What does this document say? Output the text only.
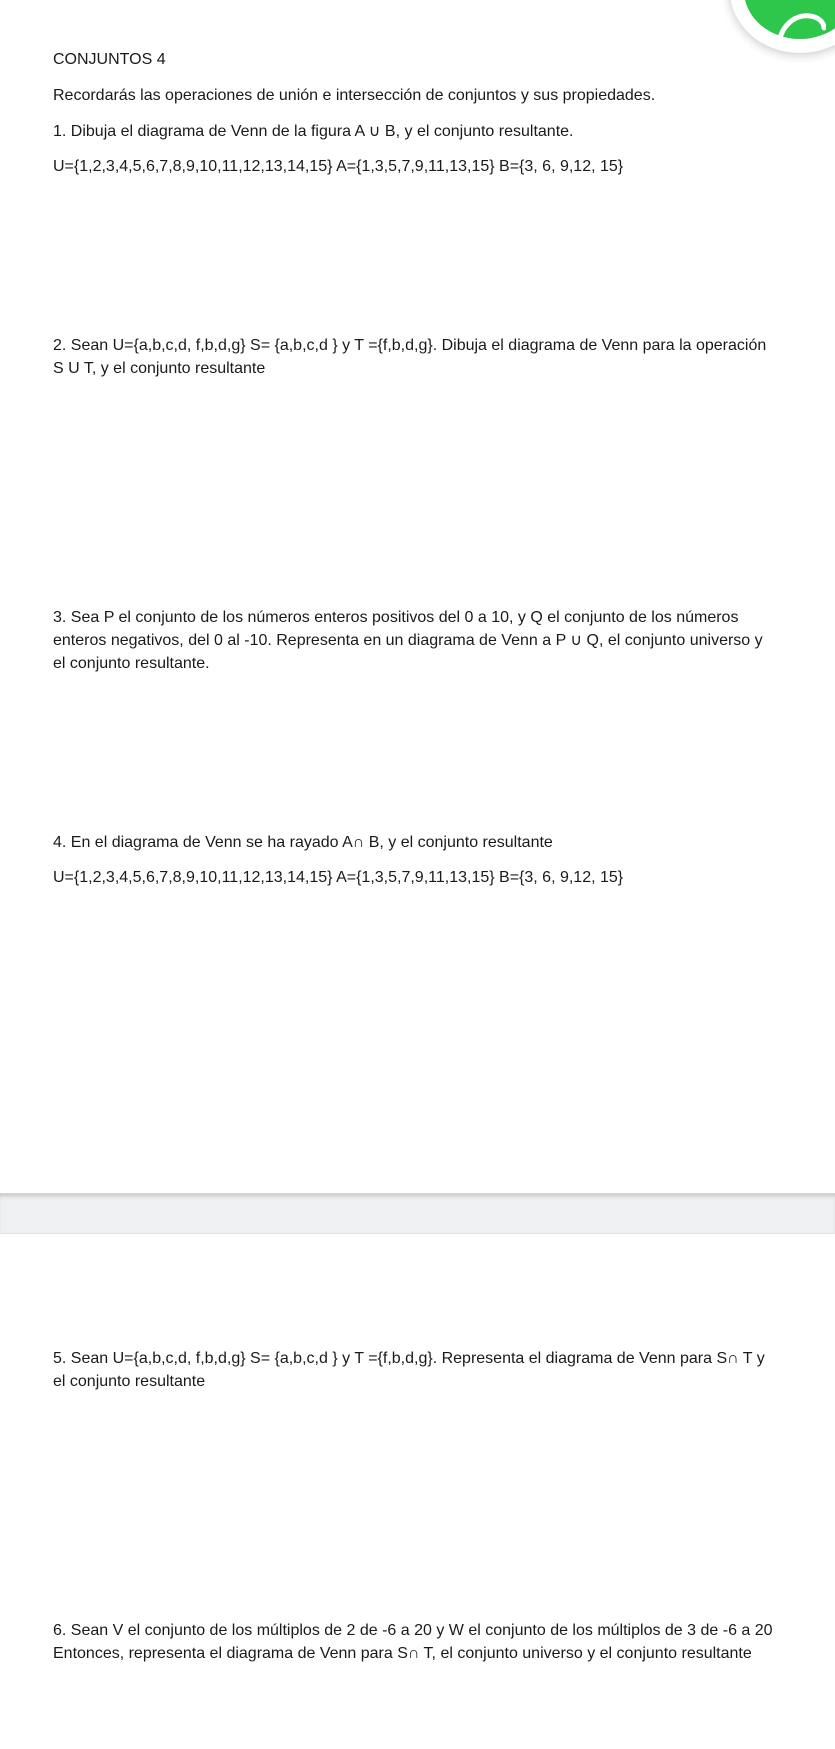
CONJUNTOS 4
Recordarás las operaciones de unión e intersección de conjuntos y sus propiedades.
1. Dibuja el diagrama de Venn de la figura A ∪ B, y el conjunto resultante.
U={1,2,3,4,5,6,7,8,9,10,11,12,13,14,15} A={1,3,5,7,9,11,13,15} B={3, 6, 9,12, 15}
2. Sean U={a,b,c,d, f,b,d,g} S= {a,b,c,d } y T ={f,b,d,g}. Dibuja el diagrama de Venn para la operación S U T, y el conjunto resultante
3. Sea P el conjunto de los números enteros positivos del 0 a 10, y Q el conjunto de los números enteros negativos, del 0 al -10. Representa en un diagrama de Venn a P ∪ Q, el conjunto universo y el conjunto resultante.
4. En el diagrama de Venn se ha rayado A∩ B, y el conjunto resultante
U={1,2,3,4,5,6,7,8,9,10,11,12,13,14,15} A={1,3,5,7,9,11,13,15} B={3, 6, 9,12, 15}
5. Sean U={a,b,c,d, f,b,d,g} S= {a,b,c,d } y T ={f,b,d,g}. Representa el diagrama de Venn para S∩ T y el conjunto resultante
6. Sean V el conjunto de los múltiplos de 2 de -6 a 20 y W el conjunto de los múltiplos de 3 de -6 a 20 Entonces, representa el diagrama de Venn para S∩ T, el conjunto universo y el conjunto resultante
